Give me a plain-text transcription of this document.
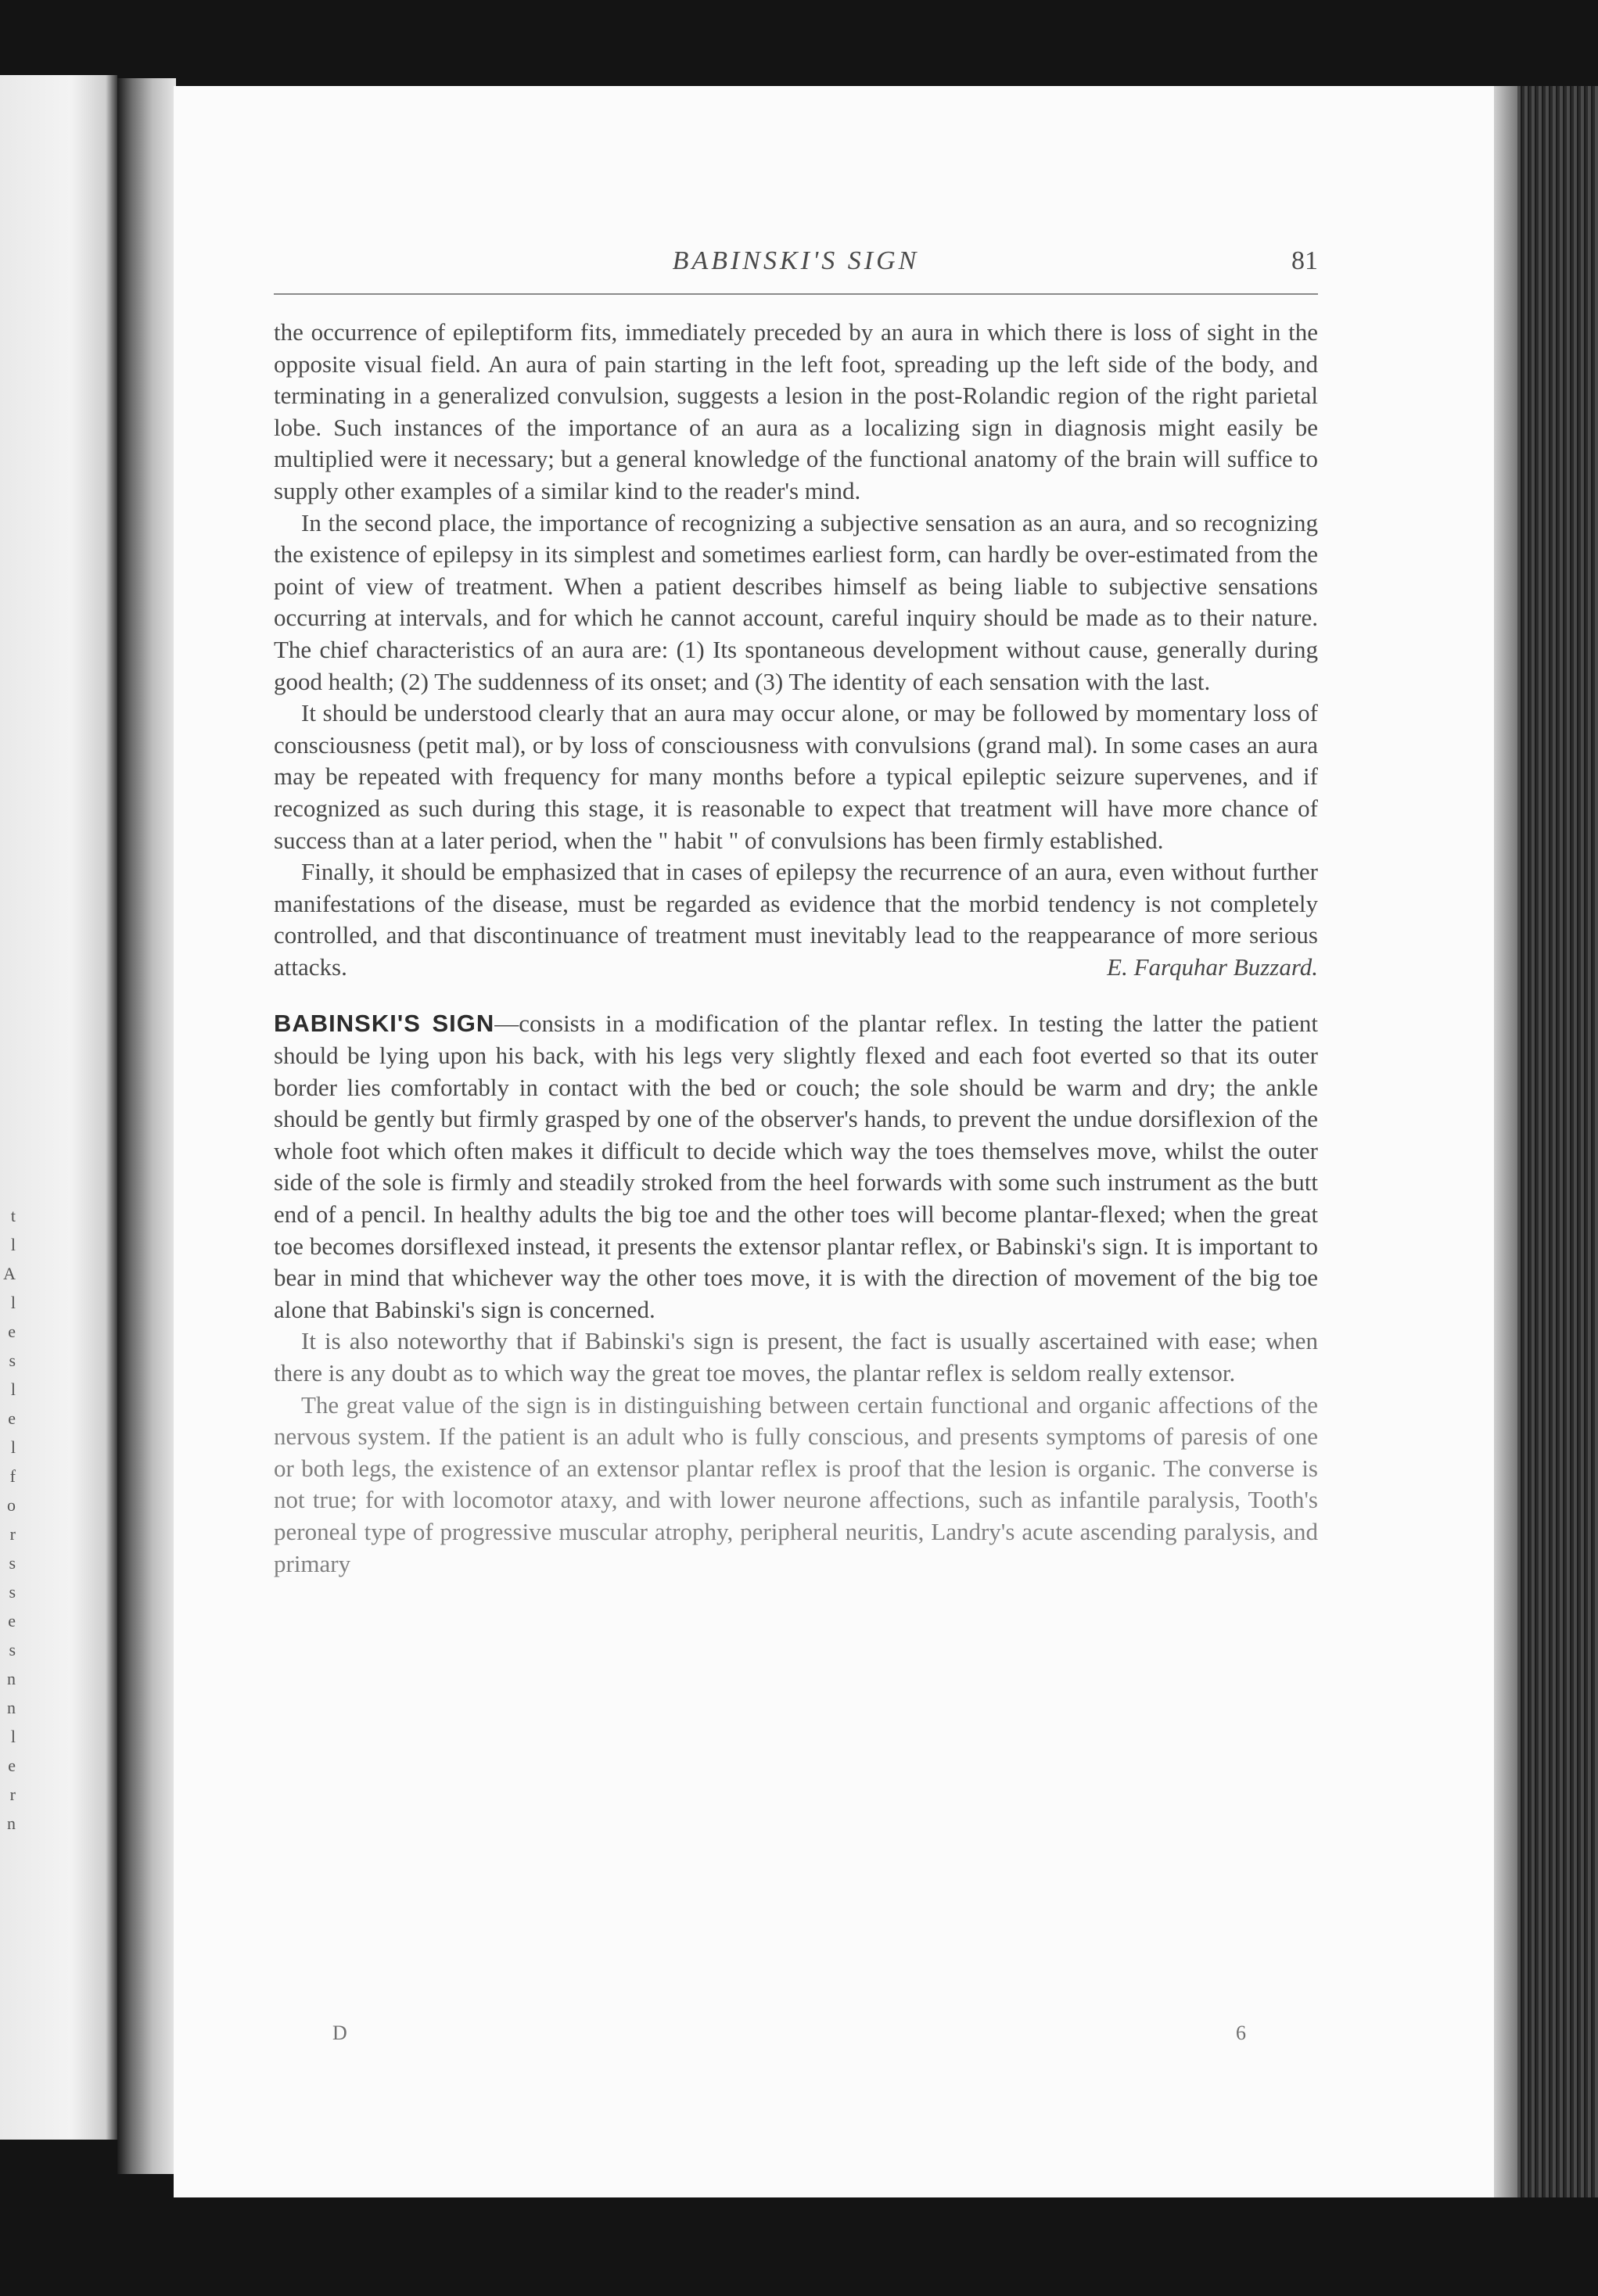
t
l
A
l
e
s
l
e
l
f
o
r
s
s
e
s
n
n
l
e
r
n
BABINSKI'S SIGN	81

the occurrence of epileptiform fits, immediately preceded by an aura in which there is loss of sight in the opposite visual field. An aura of pain starting in the left foot, spreading up the left side of the body, and terminating in a generalized convulsion, suggests a lesion in the post-Rolandic region of the right parietal lobe. Such instances of the importance of an aura as a localizing sign in diagnosis might easily be multiplied were it necessary; but a general knowledge of the functional anatomy of the brain will suffice to supply other examples of a similar kind to the reader's mind.

In the second place, the importance of recognizing a subjective sensation as an aura, and so recognizing the existence of epilepsy in its simplest and sometimes earliest form, can hardly be over-estimated from the point of view of treatment. When a patient describes himself as being liable to subjective sensations occurring at intervals, and for which he cannot account, careful inquiry should be made as to their nature. The chief characteristics of an aura are: (1) Its spontaneous development without cause, generally during good health; (2) The suddenness of its onset; and (3) The identity of each sensation with the last.

It should be understood clearly that an aura may occur alone, or may be followed by momentary loss of consciousness (petit mal), or by loss of consciousness with convulsions (grand mal). In some cases an aura may be repeated with frequency for many months before a typical epileptic seizure supervenes, and if recognized as such during this stage, it is reasonable to expect that treatment will have more chance of success than at a later period, when the " habit " of convulsions has been firmly established.

Finally, it should be emphasized that in cases of epilepsy the recurrence of an aura, even without further manifestations of the disease, must be regarded as evidence that the morbid tendency is not completely controlled, and that discontinuance of treatment must inevitably lead to the reappearance of more serious attacks.	E. Farquhar Buzzard.

BABINSKI'S SIGN—consists in a modification of the plantar reflex. In testing the latter the patient should be lying upon his back, with his legs very slightly flexed and each foot everted so that its outer border lies comfortably in contact with the bed or couch; the sole should be warm and dry; the ankle should be gently but firmly grasped by one of the observer's hands, to prevent the undue dorsiflexion of the whole foot which often makes it difficult to decide which way the toes themselves move, whilst the outer side of the sole is firmly and steadily stroked from the heel forwards with some such instrument as the butt end of a pencil. In healthy adults the big toe and the other toes will become plantar-flexed; when the great toe becomes dorsiflexed instead, it presents the extensor plantar reflex, or Babinski's sign. It is important to bear in mind that whichever way the other toes move, it is with the direction of movement of the big toe alone that Babinski's sign is concerned.

It is also noteworthy that if Babinski's sign is present, the fact is usually ascertained with ease; when there is any doubt as to which way the great toe moves, the plantar reflex is seldom really extensor.

The great value of the sign is in distinguishing between certain functional and organic affections of the nervous system. If the patient is an adult who is fully conscious, and presents symptoms of paresis of one or both legs, the existence of an extensor plantar reflex is proof that the lesion is organic. The converse is not true; for with locomotor ataxy, and with lower neurone affections, such as infantile paralysis, Tooth's peroneal type of progressive muscular atrophy, peripheral neuritis, Landry's acute ascending paralysis, and primary

D	6
